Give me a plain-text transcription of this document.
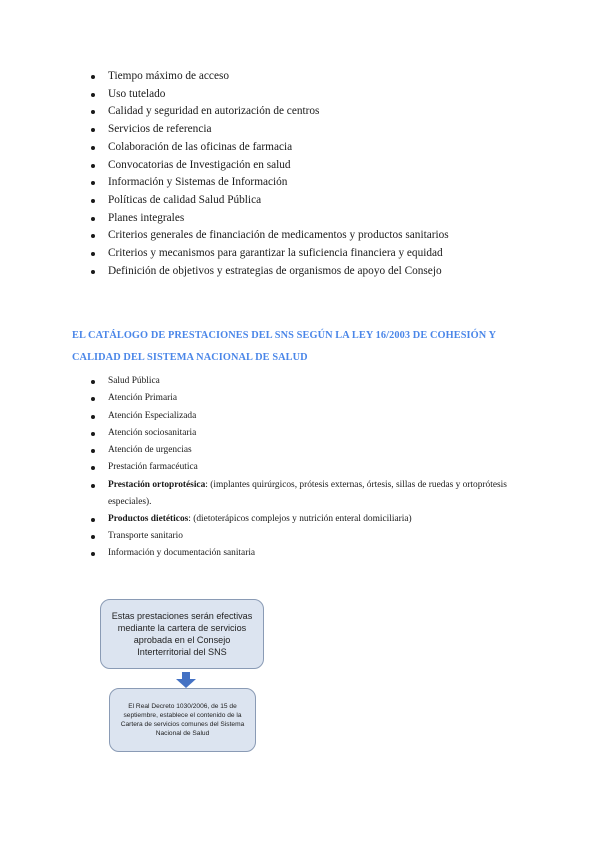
Tiempo máximo de acceso
Uso tutelado
Calidad y seguridad en autorización de centros
Servicios de referencia
Colaboración de las oficinas de farmacia
Convocatorias de Investigación en salud
Información y Sistemas de Información
Políticas de calidad Salud Pública
Planes integrales
Criterios generales de financiación de medicamentos y productos sanitarios
Criterios y mecanismos para garantizar la suficiencia financiera y equidad
Definición de objetivos y estrategias de organismos de apoyo del Consejo
EL CATÁLOGO DE PRESTACIONES DEL SNS SEGÚN LA LEY 16/2003 DE COHESIÓN Y CALIDAD DEL SISTEMA NACIONAL DE SALUD
Salud Pública
Atención Primaria
Atención Especializada
Atención sociosanitaria
Atención de urgencias
Prestación farmacéutica
Prestación ortoprotésica: (implantes quirúrgicos, prótesis externas, órtesis, sillas de ruedas y ortoprótesis especiales).
Productos dietéticos: (dietoterápicos complejos y nutrición enteral domiciliaria)
Transporte sanitario
Información y documentación sanitaria
Estas prestaciones serán efectivas mediante la cartera de servicios aprobada en el Consejo Interterritorial del SNS
El Real Decreto 1030/2006, de 15 de septiembre, establece el contenido de la Cartera de servicios comunes del Sistema Nacional de Salud
